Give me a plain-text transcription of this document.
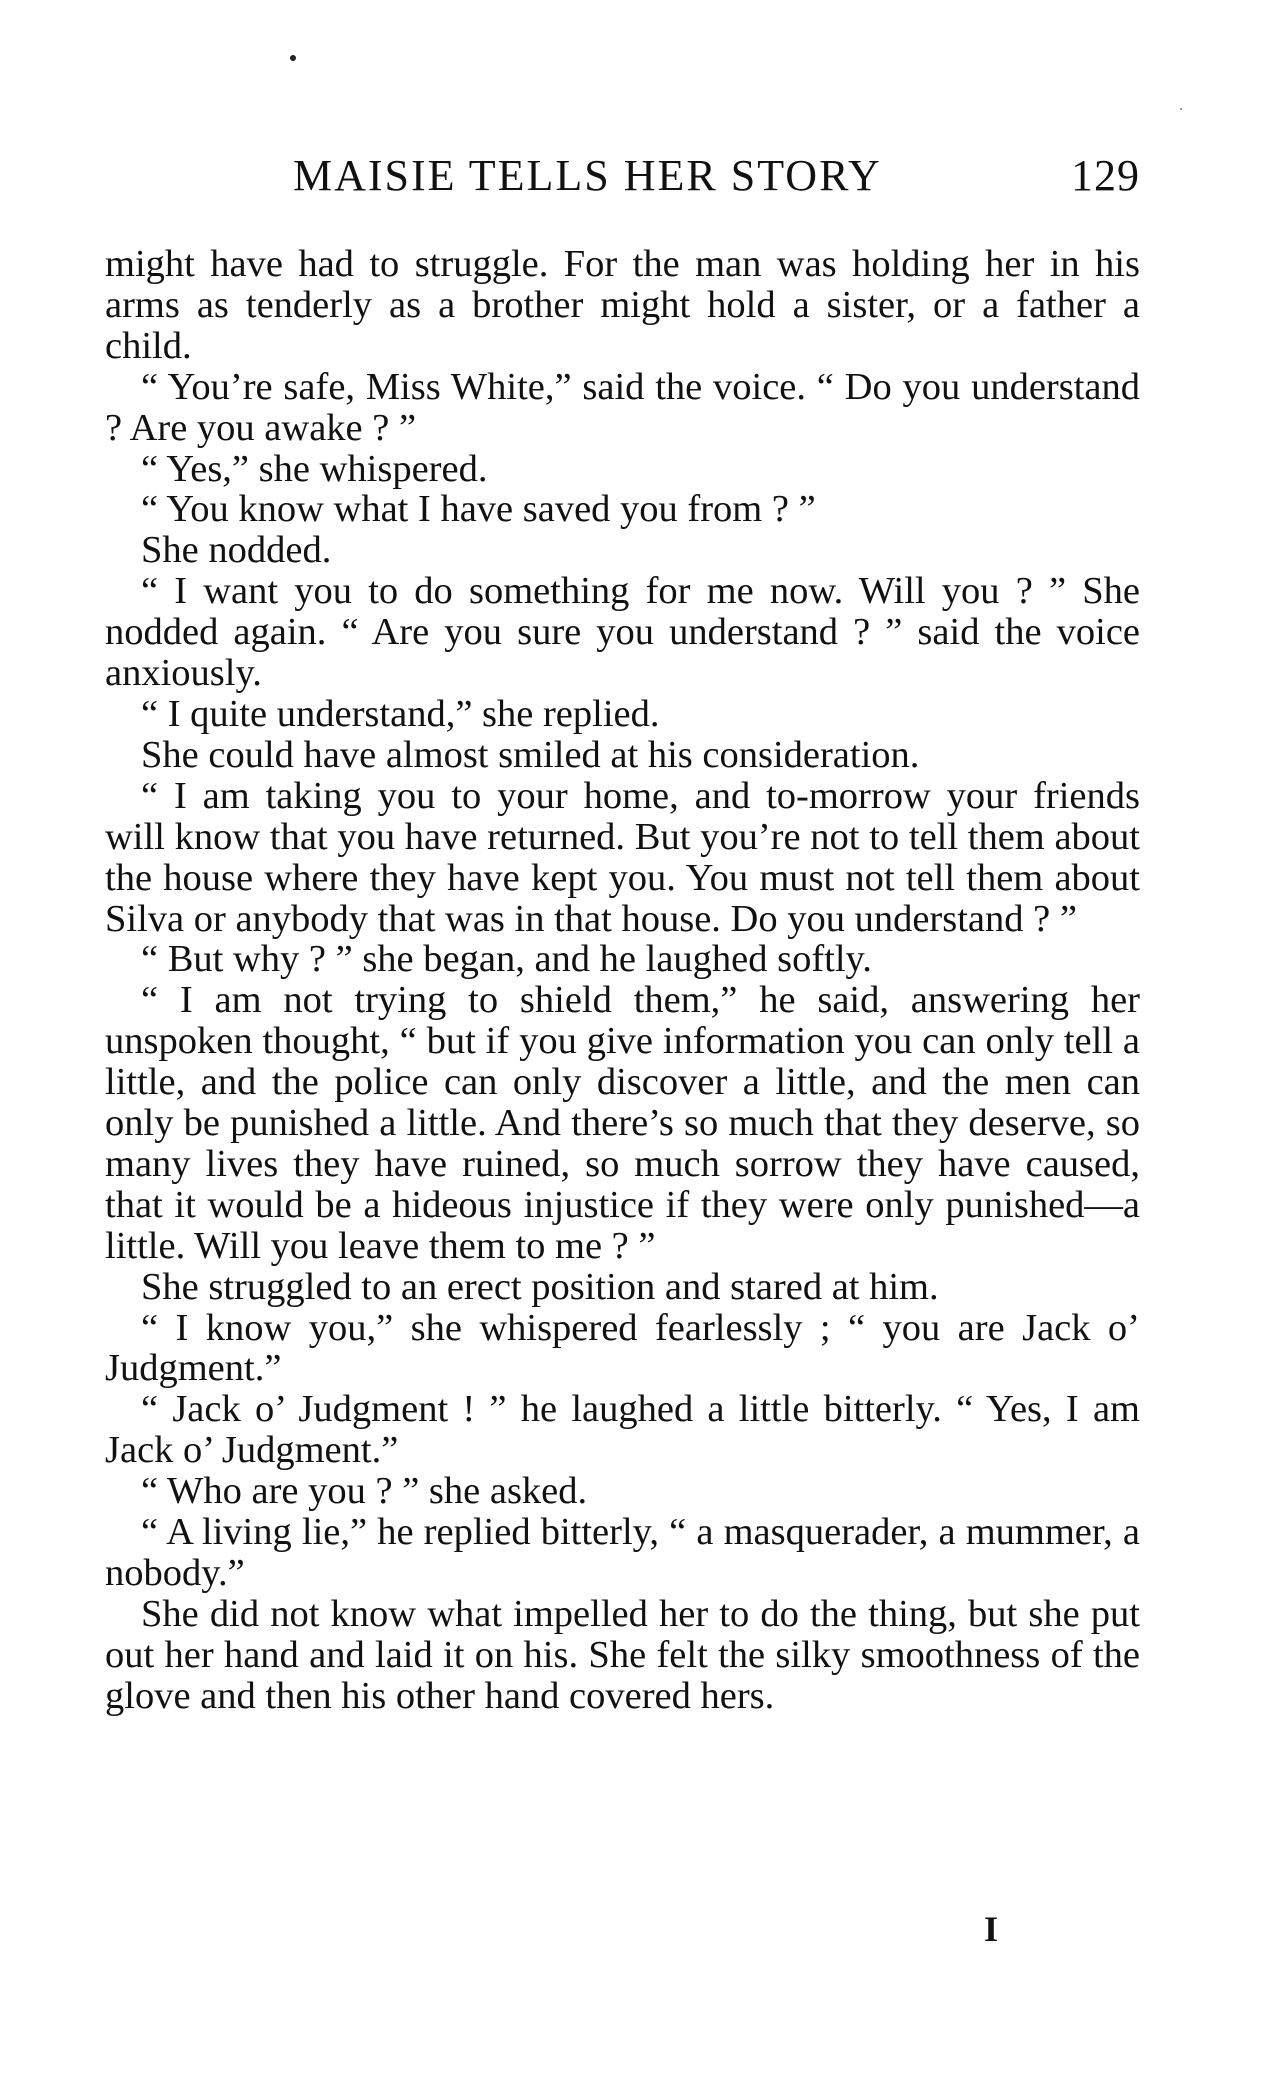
MAISIE TELLS HER STORY	129

might have had to struggle. For the man was holding her in his arms as tenderly as a brother might hold a sister, or a father a child.

“ You’re safe, Miss White,” said the voice. “ Do you understand ? Are you awake ? ”

“ Yes,” she whispered.

“ You know what I have saved you from ? ”

She nodded.

“ I want you to do something for me now. Will you ? ” She nodded again. “ Are you sure you understand ? ” said the voice anxiously.

“ I quite understand,” she replied.

She could have almost smiled at his consideration.

“ I am taking you to your home, and to-morrow your friends will know that you have returned. But you’re not to tell them about the house where they have kept you. You must not tell them about Silva or anybody that was in that house. Do you understand ? ”

“ But why ? ” she began, and he laughed softly.

“ I am not trying to shield them,” he said, answering her unspoken thought, “ but if you give information you can only tell a little, and the police can only discover a little, and the men can only be punished a little. And there’s so much that they deserve, so many lives they have ruined, so much sorrow they have caused, that it would be a hideous injustice if they were only punished—a little. Will you leave them to me ? ”

She struggled to an erect position and stared at him.

“ I know you,” she whispered fearlessly ; “ you are Jack o’ Judgment.”

“ Jack o’ Judgment ! ” he laughed a little bitterly. “ Yes, I am Jack o’ Judgment.”

“ Who are you ? ” she asked.

“ A living lie,” he replied bitterly, “ a masquerader, a mummer, a nobody.”

She did not know what impelled her to do the thing, but she put out her hand and laid it on his. She felt the silky smoothness of the glove and then his other hand covered hers.

I
